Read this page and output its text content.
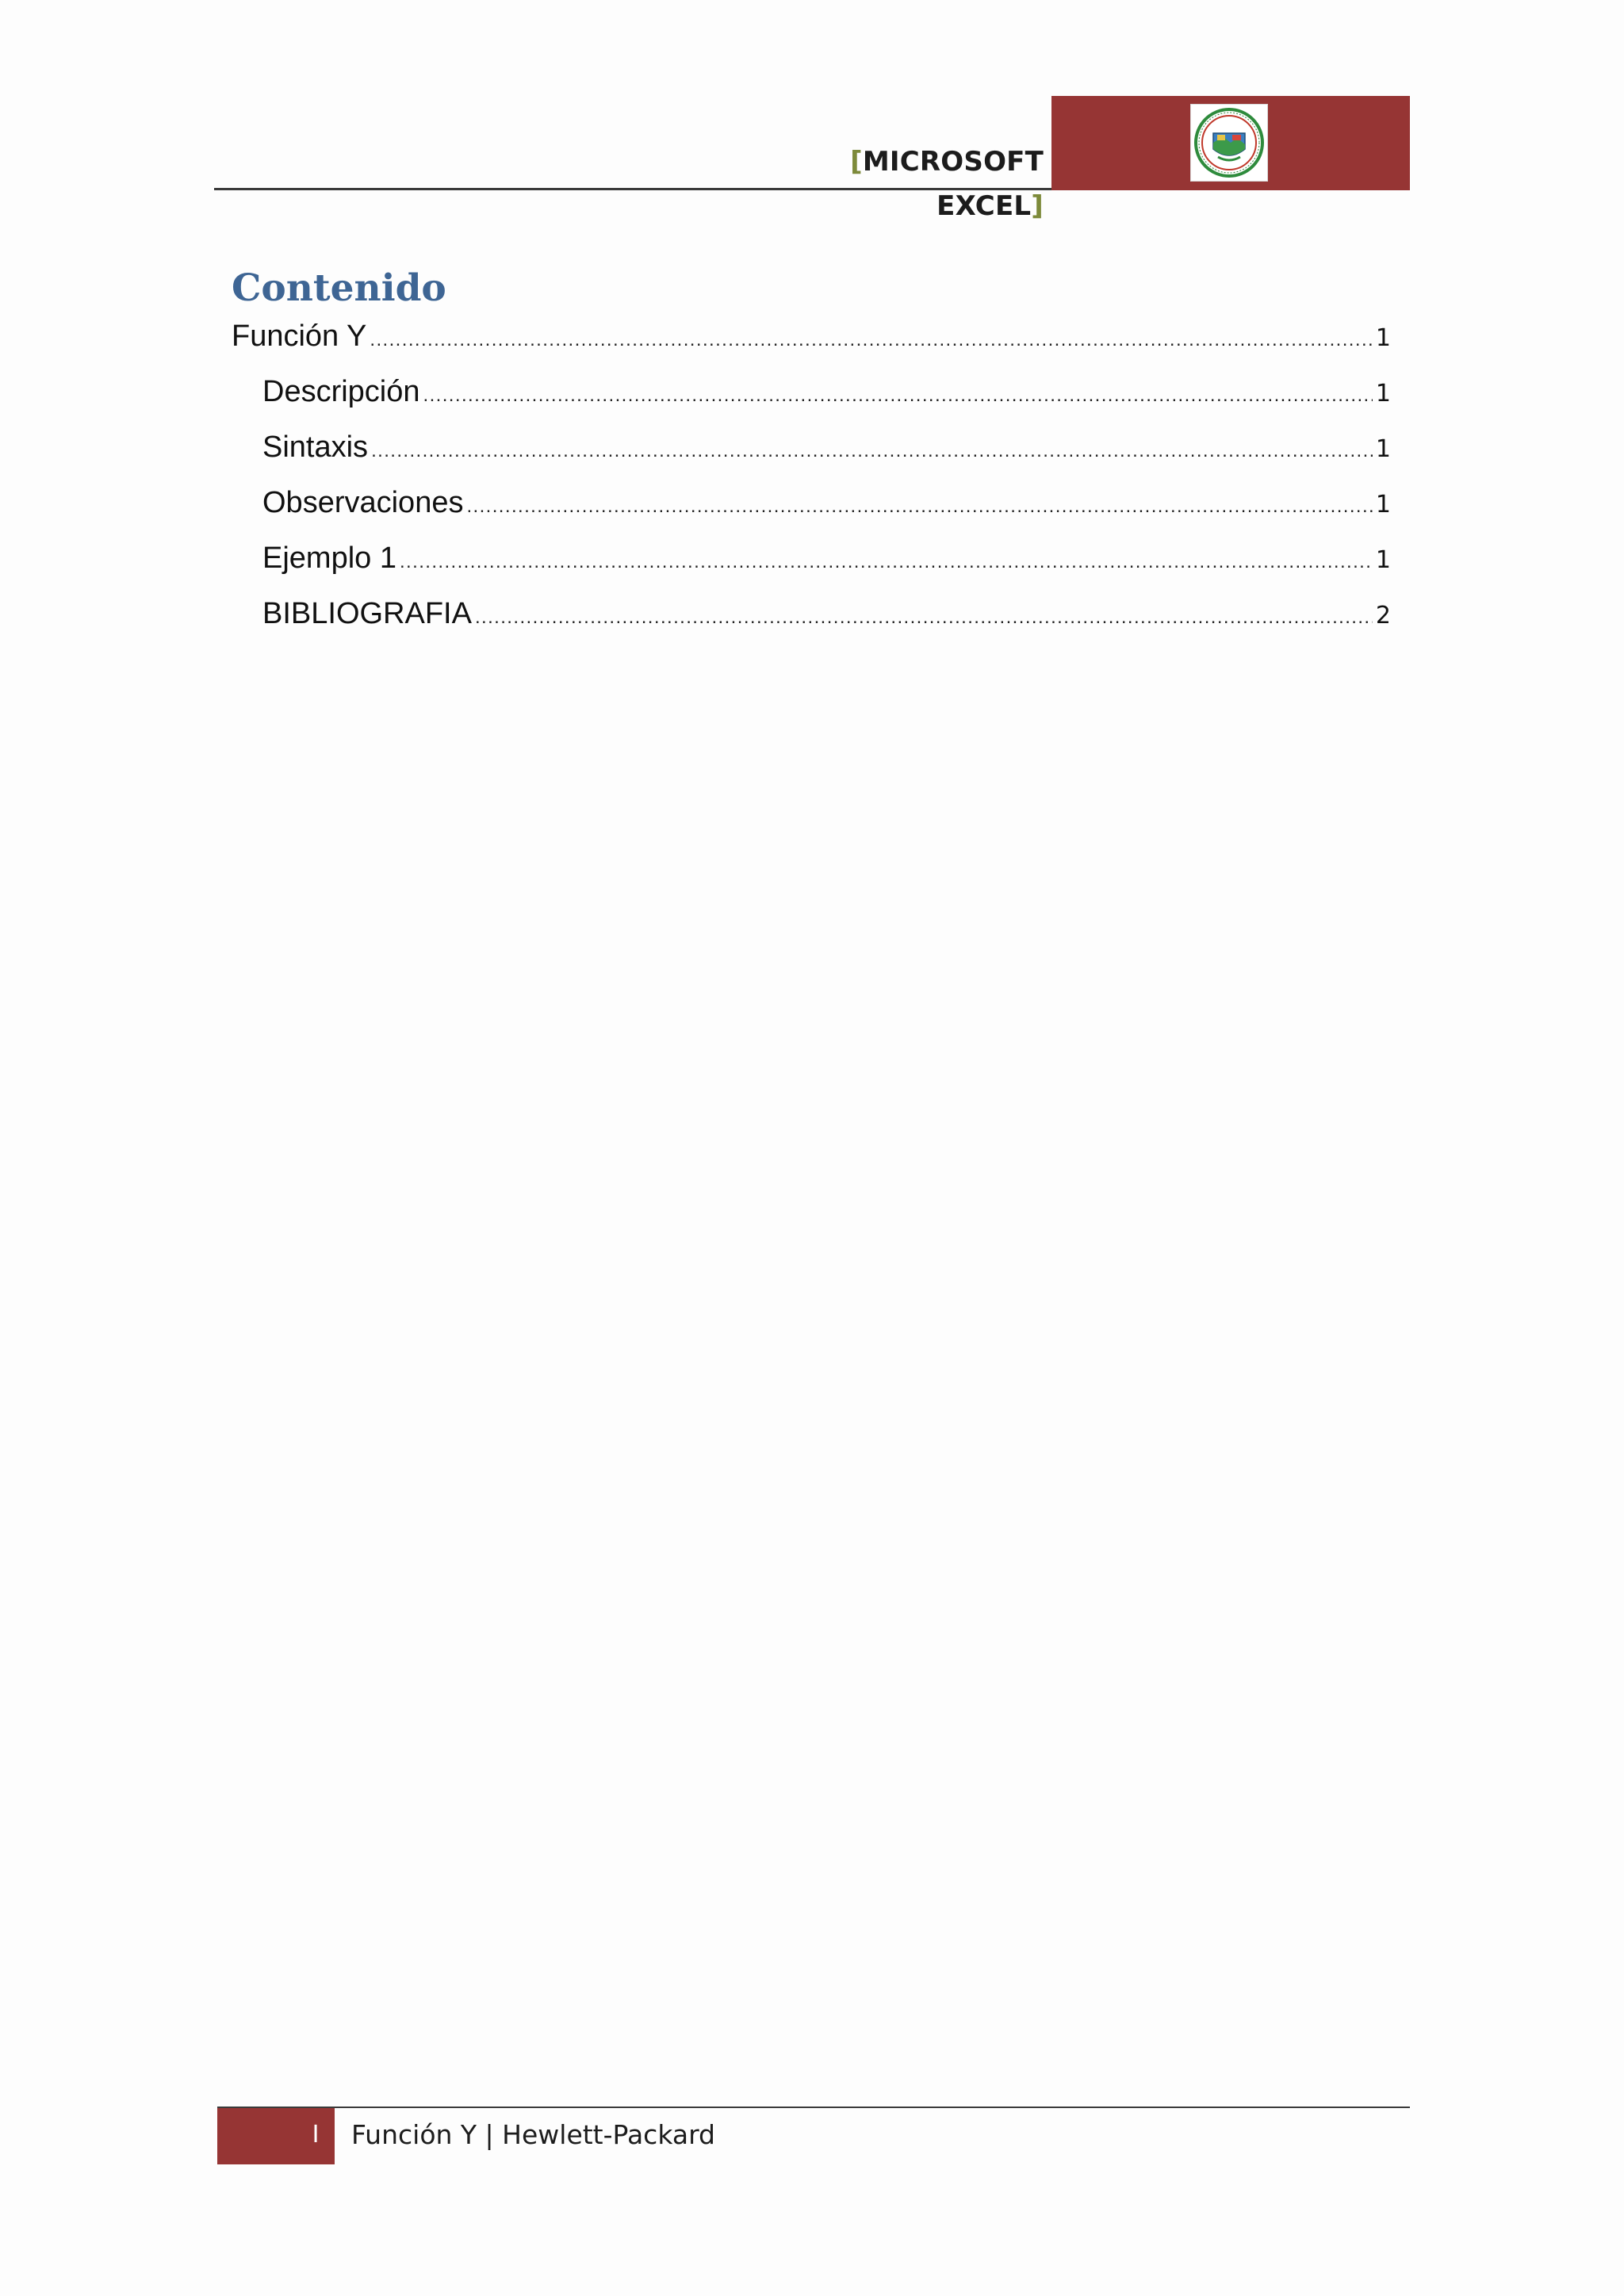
[MICROSOFT EXCEL]
Contenido
Función Y .....	1
Descripción .....	1
Sintaxis .....	1
Observaciones .....	1
Ejemplo 1 .....	1
BIBLIOGRAFIA .....	2
I Función Y | Hewlett-Packard
